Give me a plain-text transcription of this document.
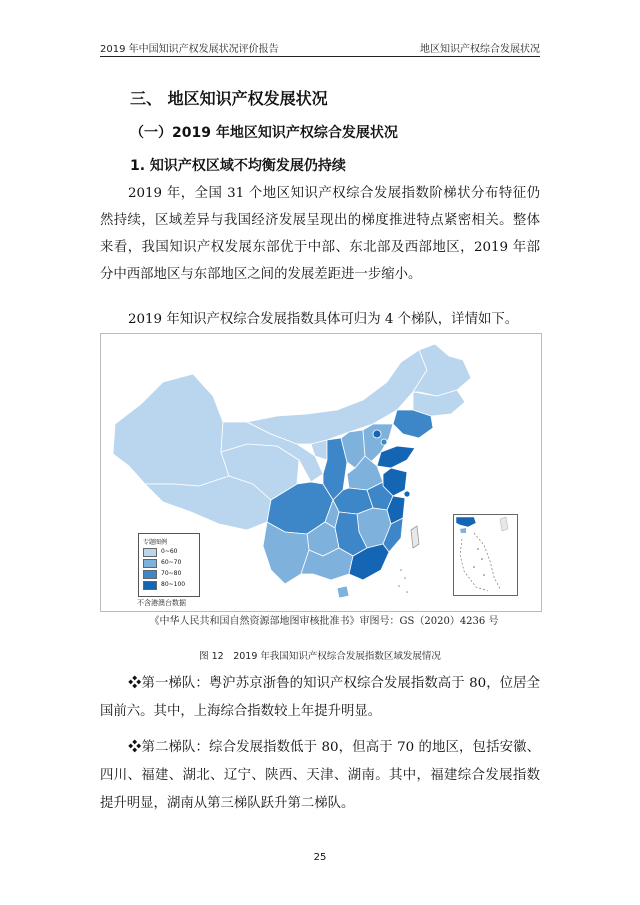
2019 年中国知识产权发展状况评价报告	地区知识产权综合发展状况
三、 地区知识产权发展状况
（一）2019 年地区知识产权综合发展状况
1. 知识产权区域不均衡发展仍持续

2019 年，全国 31 个地区知识产权综合发展指数阶梯状分布特征仍然持续，区域差异与我国经济发展呈现出的梯度推进特点紧密相关。整体来看，我国知识产权发展东部优于中部、东北部及西部地区，2019 年部分中西部地区与东部地区之间的发展差距进一步缩小。

2019 年知识产权综合发展指数具体可归为 4 个梯队，详情如下。

专题图例
0~60
60~70
70~80
80~100
不含港澳台数据
《中华人民共和国自然资源部地图审核批准书》审图号：GS（2020）4236 号
图 12　2019 年我国知识产权综合发展指数区域发展情况

❖第一梯队：粤沪苏京浙鲁的知识产权综合发展指数高于 80，位居全国前六。其中，上海综合指数较上年提升明显。

❖第二梯队：综合发展指数低于 80，但高于 70 的地区，包括安徽、四川、福建、湖北、辽宁、陕西、天津、湖南。其中，福建综合发展指数提升明显，湖南从第三梯队跃升第二梯队。

25
